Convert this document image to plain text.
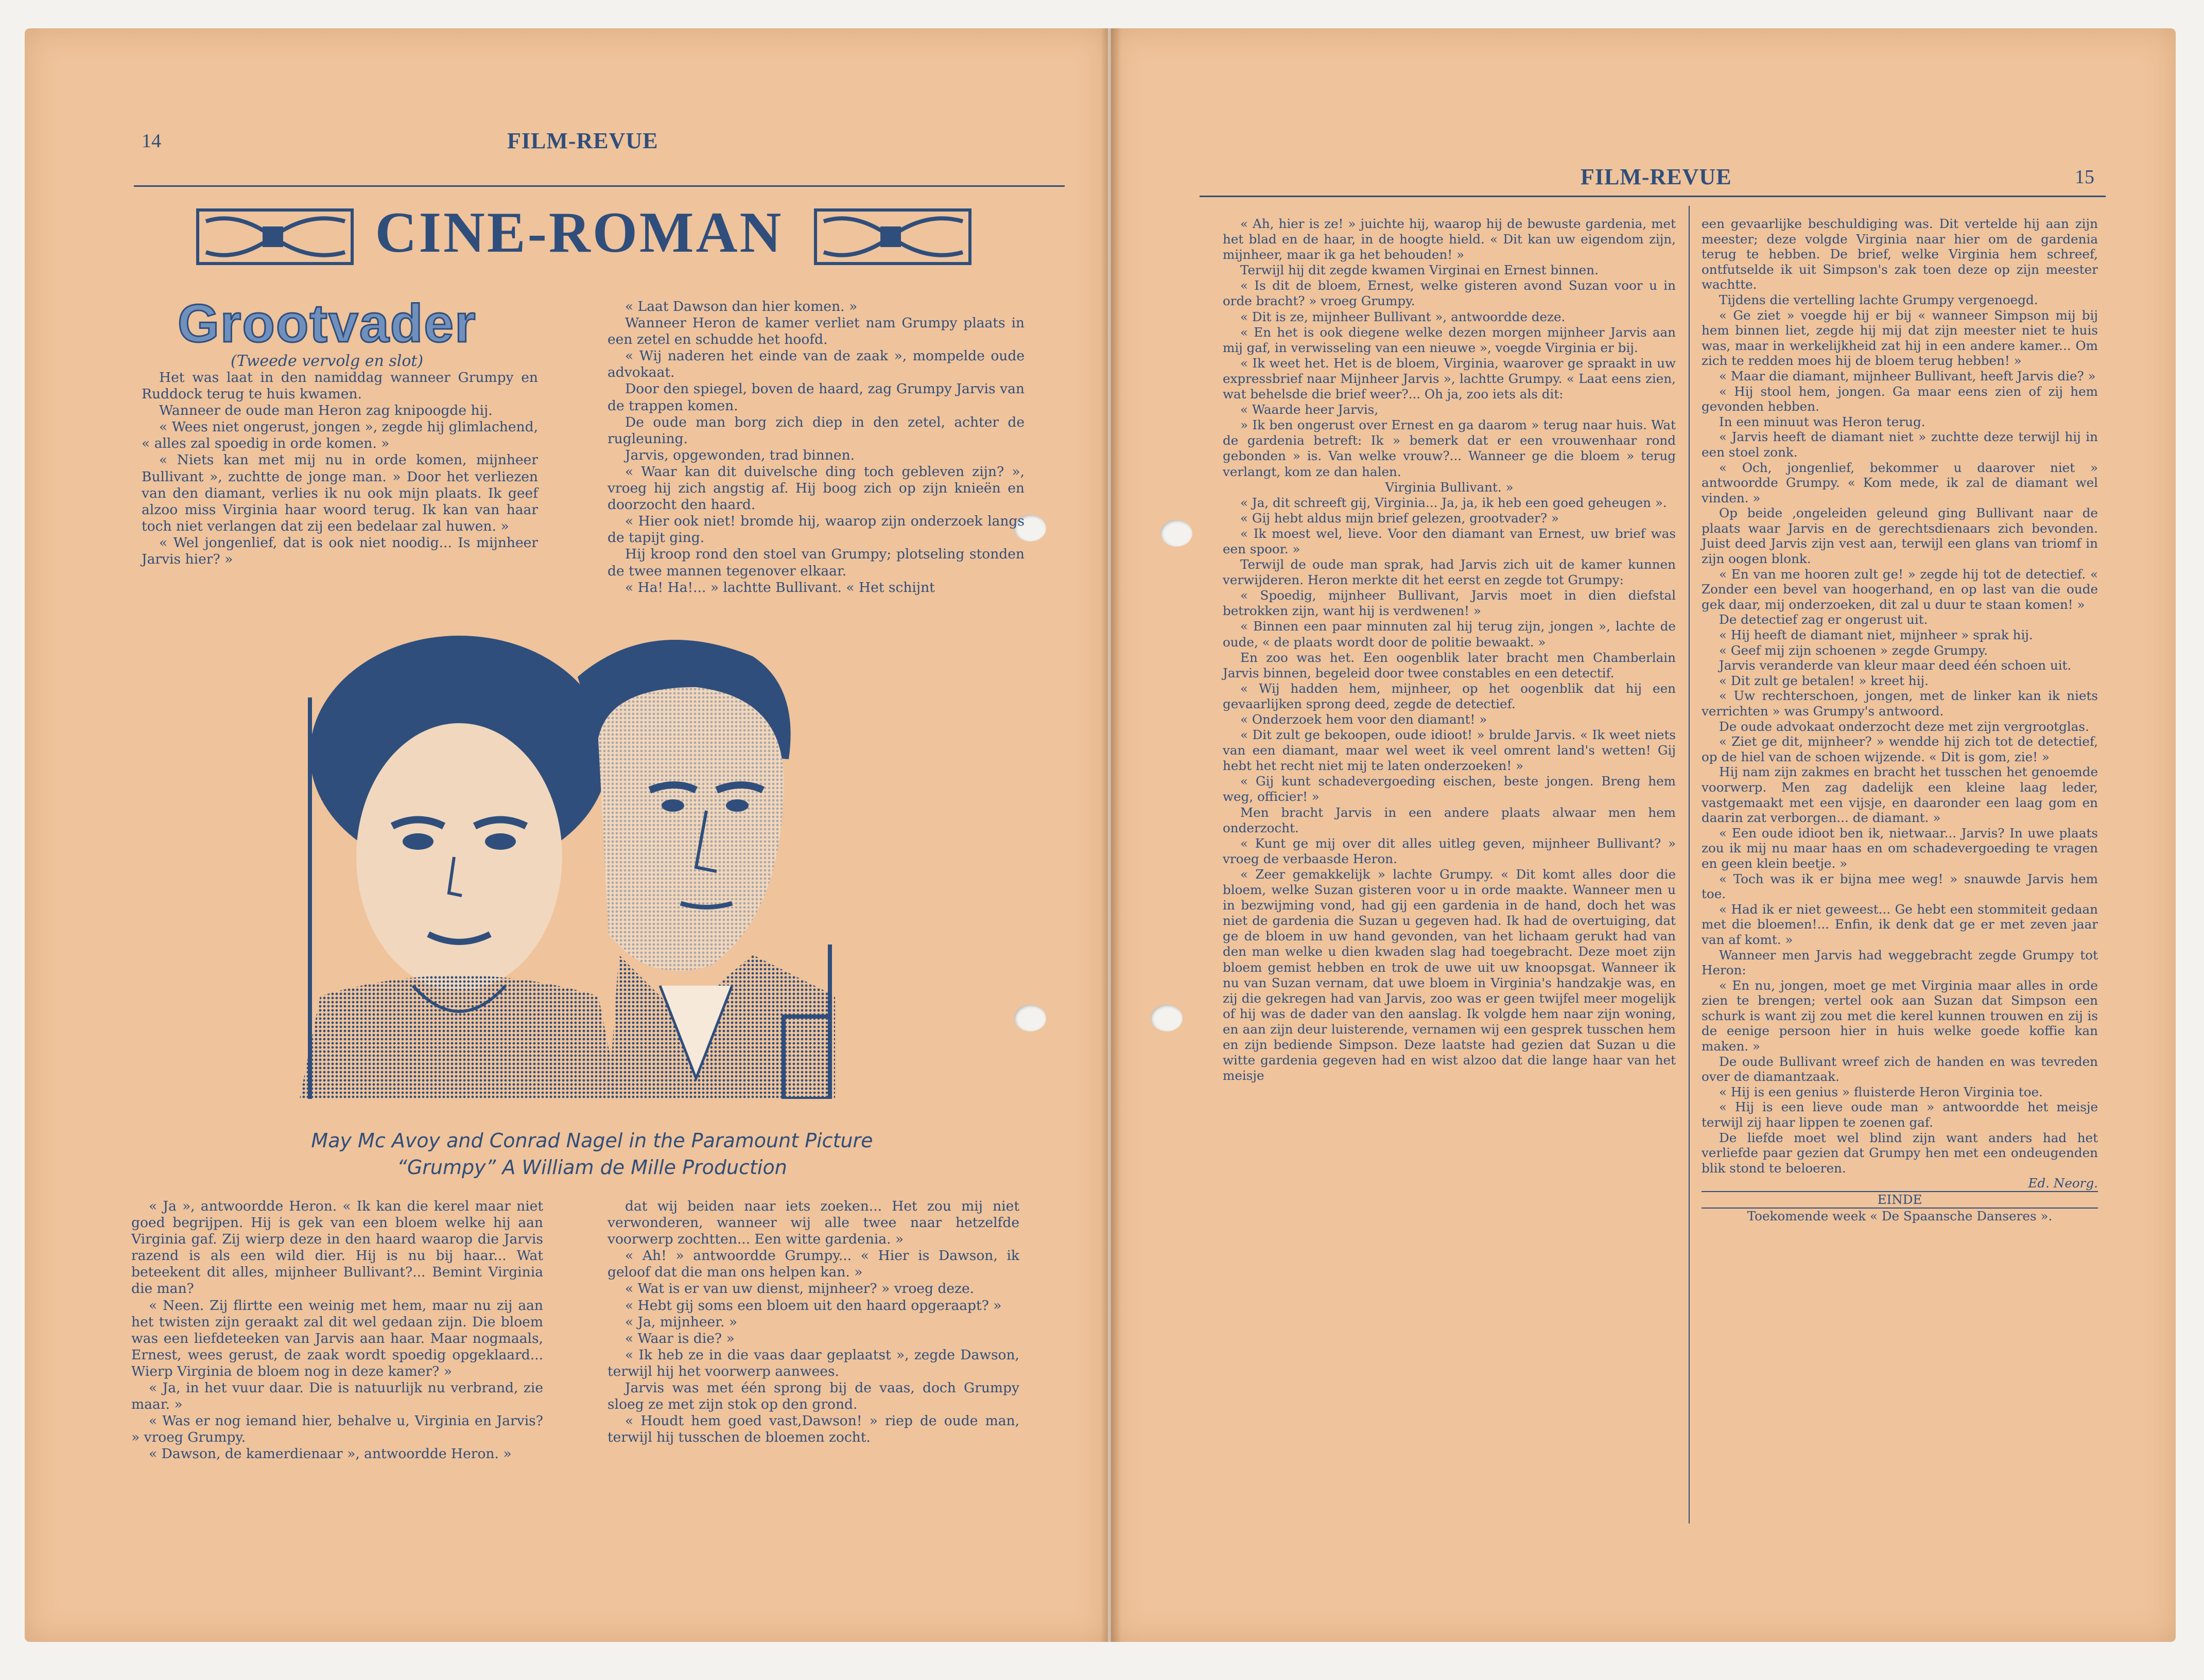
14	FILM-REVUE
FILM-REVUE	15
CINE-ROMAN
Grootvader
(Tweede vervolg en slot)

Het was laat in den namiddag wanneer Grumpy en Ruddock terug te huis kwamen.

Wanneer de oude man Heron zag knipoogde hij.

« Wees niet ongerust, jongen », zegde hij glimlachend, « alles zal spoedig in orde komen. »

« Niets kan met mij nu in orde komen, mijnheer Bullivant », zuchtte de jonge man. » Door het verliezen van den diamant, verlies ik nu ook mijn plaats. Ik geef alzoo miss Virginia haar woord terug. Ik kan van haar toch niet verlangen dat zij een bedelaar zal huwen. »

« Wel jongenlief, dat is ook niet noodig... Is mijnheer Jarvis hier? »

« Laat Dawson dan hier komen. »

Wanneer Heron de kamer verliet nam Grumpy plaats in een zetel en schudde het hoofd.

« Wij naderen het einde van de zaak », mompelde oude advokaat.

Door den spiegel, boven de haard, zag Grumpy Jarvis van de trappen komen.

De oude man borg zich diep in den zetel, achter de rugleuning.

Jarvis, opgewonden, trad binnen.

« Waar kan dit duivelsche ding toch gebleven zijn? », vroeg hij zich angstig af. Hij boog zich op zijn knieën en doorzocht den haard.

« Hier ook niet! bromde hij, waarop zijn onderzoek langs de tapijt ging.

Hij kroop rond den stoel van Grumpy; plotseling stonden de twee mannen tegenover elkaar.

« Ha! Ha!... » lachtte Bullivant. « Het schijnt

May Mc Avoy and Conrad Nagel in the Paramount Picture
“Grumpy” A William de Mille Production

« Ja », antwoordde Heron. « Ik kan die kerel maar niet goed begrijpen. Hij is gek van een bloem welke hij aan Virginia gaf. Zij wierp deze in den haard waarop die Jarvis razend is als een wild dier. Hij is nu bij haar... Wat beteekent dit alles, mijnheer Bullivant?... Bemint Virginia die man?

« Neen. Zij flirtte een weinig met hem, maar nu zij aan het twisten zijn geraakt zal dit wel gedaan zijn. Die bloem was een liefdeteeken van Jarvis aan haar. Maar nogmaals, Ernest, wees gerust, de zaak wordt spoedig opgeklaard... Wierp Virginia de bloem nog in deze kamer? »

« Ja, in het vuur daar. Die is natuurlijk nu verbrand, zie maar. »

« Was er nog iemand hier, behalve u, Virginia en Jarvis? » vroeg Grumpy.

« Dawson, de kamerdienaar », antwoordde Heron. »

dat wij beiden naar iets zoeken... Het zou mij niet verwonderen, wanneer wij alle twee naar hetzelfde voorwerp zochtten... Een witte gardenia. »

« Ah! » antwoordde Grumpy... « Hier is Dawson, ik geloof dat die man ons helpen kan. »

« Wat is er van uw dienst, mijnheer? » vroeg deze.

« Hebt gij soms een bloem uit den haard opgeraapt? »

« Ja, mijnheer. »

« Waar is die? »

« Ik heb ze in die vaas daar geplaatst », zegde Dawson, terwijl hij het voorwerp aanwees.

Jarvis was met één sprong bij de vaas, doch Grumpy sloeg ze met zijn stok op den grond.

« Houdt hem goed vast,Dawson! » riep de oude man, terwijl hij tusschen de bloemen zocht.

« Ah, hier is ze! » juichte hij, waarop hij de bewuste gardenia, met het blad en de haar, in de hoogte hield. « Dit kan uw eigendom zijn, mijnheer, maar ik ga het behouden! »

Terwijl hij dit zegde kwamen Virginai en Ernest binnen.

« Is dit de bloem, Ernest, welke gisteren avond Suzan voor u in orde bracht? » vroeg Grumpy.

« Dit is ze, mijnheer Bullivant », antwoordde deze.

« En het is ook diegene welke dezen morgen mijnheer Jarvis aan mij gaf, in verwisseling van een nieuwe », voegde Virginia er bij.

« Ik weet het. Het is de bloem, Virginia, waarover ge spraakt in uw expressbrief naar Mijnheer Jarvis », lachtte Grumpy. « Laat eens zien, wat behelsde die brief weer?... Oh ja, zoo iets als dit:

« Waarde heer Jarvis,

» Ik ben ongerust over Ernest en ga daarom » terug naar huis. Wat de gardenia betreft: Ik » bemerk dat er een vrouwenhaar rond gebonden » is. Van welke vrouw?... Wanneer ge die bloem » terug verlangt, kom ze dan halen.

Virginia Bullivant. »

« Ja, dit schreeft gij, Virginia... Ja, ja, ik heb een goed geheugen ».

« Gij hebt aldus mijn brief gelezen, grootvader? »

« Ik moest wel, lieve. Voor den diamant van Ernest, uw brief was een spoor. »

Terwijl de oude man sprak, had Jarvis zich uit de kamer kunnen verwijderen. Heron merkte dit het eerst en zegde tot Grumpy:

« Spoedig, mijnheer Bullivant, Jarvis moet in dien diefstal betrokken zijn, want hij is verdwenen! »

« Binnen een paar minnuten zal hij terug zijn, jongen », lachte de oude, « de plaats wordt door de politie bewaakt. »

En zoo was het. Een oogenblik later bracht men Chamberlain Jarvis binnen, begeleid door twee constables en een detectif.

« Wij hadden hem, mijnheer, op het oogenblik dat hij een gevaarlijken sprong deed, zegde de detectief.

« Onderzoek hem voor den diamant! »

« Dit zult ge bekoopen, oude idioot! » brulde Jarvis. « Ik weet niets van een diamant, maar wel weet ik veel omrent land's wetten! Gij hebt het recht niet mij te laten onderzoeken! »

« Gij kunt schadevergoeding eischen, beste jongen. Breng hem weg, officier! »

Men bracht Jarvis in een andere plaats alwaar men hem onderzocht.

« Kunt ge mij over dit alles uitleg geven, mijnheer Bullivant? » vroeg de verbaasde Heron.

« Zeer gemakkelijk » lachte Grumpy. « Dit komt alles door die bloem, welke Suzan gisteren voor u in orde maakte. Wanneer men u in bezwijming vond, had gij een gardenia in de hand, doch het was niet de gardenia die Suzan u gegeven had. Ik had de overtuiging, dat ge de bloem in uw hand gevonden, van het lichaam gerukt had van den man welke u dien kwaden slag had toegebracht. Deze moet zijn bloem gemist hebben en trok de uwe uit uw knoopsgat. Wanneer ik nu van Suzan vernam, dat uwe bloem in Virginia's handzakje was, en zij die gekregen had van Jarvis, zoo was er geen twijfel meer mogelijk of hij was de dader van den aanslag. Ik volgde hem naar zijn woning, en aan zijn deur luisterende, vernamen wij een gesprek tusschen hem en zijn bediende Simpson. Deze laatste had gezien dat Suzan u die witte gardenia gegeven had en wist alzoo dat die lange haar van het meisje

een gevaarlijke beschuldiging was. Dit vertelde hij aan zijn meester; deze volgde Virginia naar hier om de gardenia terug te hebben. De brief, welke Virginia hem schreef, ontfutselde ik uit Simpson's zak toen deze op zijn meester wachtte.

Tijdens die vertelling lachte Grumpy vergenoegd.

« Ge ziet » voegde hij er bij « wanneer Simpson mij bij hem binnen liet, zegde hij mij dat zijn meester niet te huis was, maar in werkelijkheid zat hij in een andere kamer... Om zich te redden moes hij de bloem terug hebben! »

« Maar die diamant, mijnheer Bullivant, heeft Jarvis die? »

« Hij stool hem, jongen. Ga maar eens zien of zij hem gevonden hebben.

In een minuut was Heron terug.

« Jarvis heeft de diamant niet » zuchtte deze terwijl hij in een stoel zonk.

« Och, jongenlief, bekommer u daarover niet » antwoordde Grumpy. « Kom mede, ik zal de diamant wel vinden. »

Op beide ,ongeleiden geleund ging Bullivant naar de plaats waar Jarvis en de gerechtsdienaars zich bevonden. Juist deed Jarvis zijn vest aan, terwijl een glans van triomf in zijn oogen blonk.

« En van me hooren zult ge! » zegde hij tot de detectief. « Zonder een bevel van hoogerhand, en op last van die oude gek daar, mij onderzoeken, dit zal u duur te staan komen! »

De detectief zag er ongerust uit.

« Hij heeft de diamant niet, mijnheer » sprak hij.

« Geef mij zijn schoenen » zegde Grumpy.

Jarvis veranderde van kleur maar deed één schoen uit.

« Dit zult ge betalen! » kreet hij.

« Uw rechterschoen, jongen, met de linker kan ik niets verrichten » was Grumpy's antwoord.

De oude advokaat onderzocht deze met zijn vergrootglas.

« Ziet ge dit, mijnheer? » wendde hij zich tot de detectief, op de hiel van de schoen wijzende. « Dit is gom, zie! »

Hij nam zijn zakmes en bracht het tusschen het genoemde voorwerp. Men zag dadelijk een kleine laag leder, vastgemaakt met een vijsje, en daaronder een laag gom en daarin zat verborgen... de diamant. »

« Een oude idioot ben ik, nietwaar... Jarvis? In uwe plaats zou ik mij nu maar haas en om schadevergoeding te vragen en geen klein beetje. »

« Toch was ik er bijna mee weg! » snauwde Jarvis hem toe.

« Had ik er niet geweest... Ge hebt een stommiteit gedaan met die bloemen!... Enfin, ik denk dat ge er met zeven jaar van af komt. »

Wanneer men Jarvis had weggebracht zegde Grumpy tot Heron:

« En nu, jongen, moet ge met Virginia maar alles in orde zien te brengen; vertel ook aan Suzan dat Simpson een schurk is want zij zou met die kerel kunnen trouwen en zij is de eenige persoon hier in huis welke goede koffie kan maken. »

De oude Bullivant wreef zich de handen en was tevreden over de diamantzaak.

« Hij is een genius » fluisterde Heron Virginia toe.

« Hij is een lieve oude man » antwoordde het meisje terwijl zij haar lippen te zoenen gaf.

De liefde moet wel blind zijn want anders had het verliefde paar gezien dat Grumpy hen met een ondeugenden blik stond te beloeren.

Ed. Neorg.

EINDE

Toekomende week « De Spaansche Danseres ».
